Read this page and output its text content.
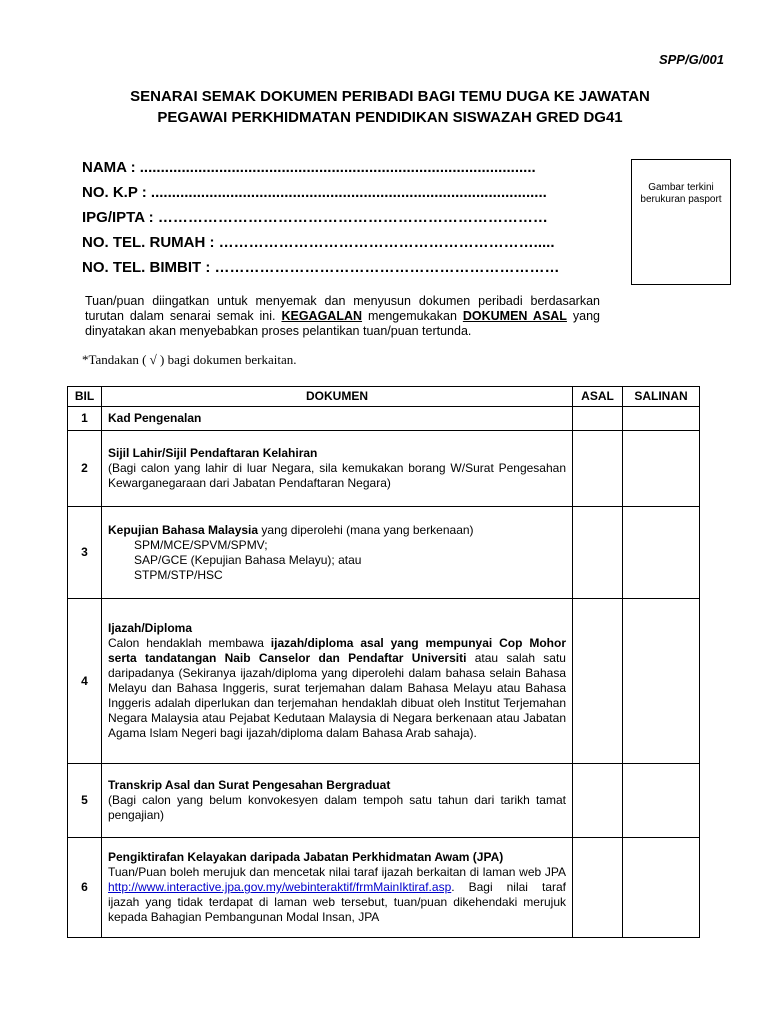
SPP/G/001
SENARAI SEMAK DOKUMEN PERIBADI BAGI TEMU DUGA KE JAWATAN
PEGAWAI PERKHIDMATAN PENDIDIKAN SISWAZAH GRED DG41
NAMA : ...............................................................................................
NO. K.P : ...............................................................................................
IPG/IPTA : ……………………………………………………………………
NO. TEL. RUMAH : ……………………………………………………….....
NO. TEL. BIMBIT : ……………………………………………………………
Gambar terkini berukuran pasport
Tuan/puan diingatkan untuk menyemak dan menyusun dokumen peribadi berdasarkan turutan dalam senarai semak ini. KEGAGALAN mengemukakan DOKUMEN ASAL yang dinyatakan akan menyebabkan proses pelantikan tuan/puan tertunda.
*Tandakan ( √ ) bagi dokumen berkaitan.
BIL	DOKUMEN	ASAL	SALINAN
1	Kad Pengenalan		
2	Sijil Lahir/Sijil Pendaftaran Kelahiran
(Bagi calon yang lahir di luar Negara, sila kemukakan borang W/Surat Pengesahan Kewarganegaraan dari Jabatan Pendaftaran Negara)		

3	Kepujian Bahasa Malaysia yang diperolehi (mana yang berkenaan)
SPM/MCE/SPVM/SPMV;
SAP/GCE (Kepujian Bahasa Melayu); atau
STPM/STP/HSC		

4	Ijazah/Diploma
Calon hendaklah membawa ijazah/diploma asal yang mempunyai Cop Mohor serta tandatangan Naib Canselor dan Pendaftar Universiti atau salah satu daripadanya (Sekiranya ijazah/diploma yang diperolehi dalam bahasa selain Bahasa Melayu dan Bahasa Inggeris, surat terjemahan dalam Bahasa Melayu atau Bahasa Inggeris adalah diperlukan dan terjemahan hendaklah dibuat oleh Institut Terjemahan Negara Malaysia atau Pejabat Kedutaan Malaysia di Negara berkenaan atau Jabatan Agama Islam Negeri bagi ijazah/diploma dalam Bahasa Arab sahaja).		

5	Transkrip Asal dan Surat Pengesahan Bergraduat
(Bagi calon yang belum konvokesyen dalam tempoh satu tahun dari tarikh tamat pengajian)		

6	Pengiktirafan Kelayakan daripada Jabatan Perkhidmatan Awam (JPA)
Tuan/Puan boleh merujuk dan mencetak nilai taraf ijazah berkaitan di laman web JPA http://www.interactive.jpa.gov.my/webinteraktif/frmMainIktiraf.asp. Bagi nilai taraf ijazah yang tidak terdapat di laman web tersebut, tuan/puan dikehendaki merujuk kepada Bahagian Pembangunan Modal Insan, JPA		
